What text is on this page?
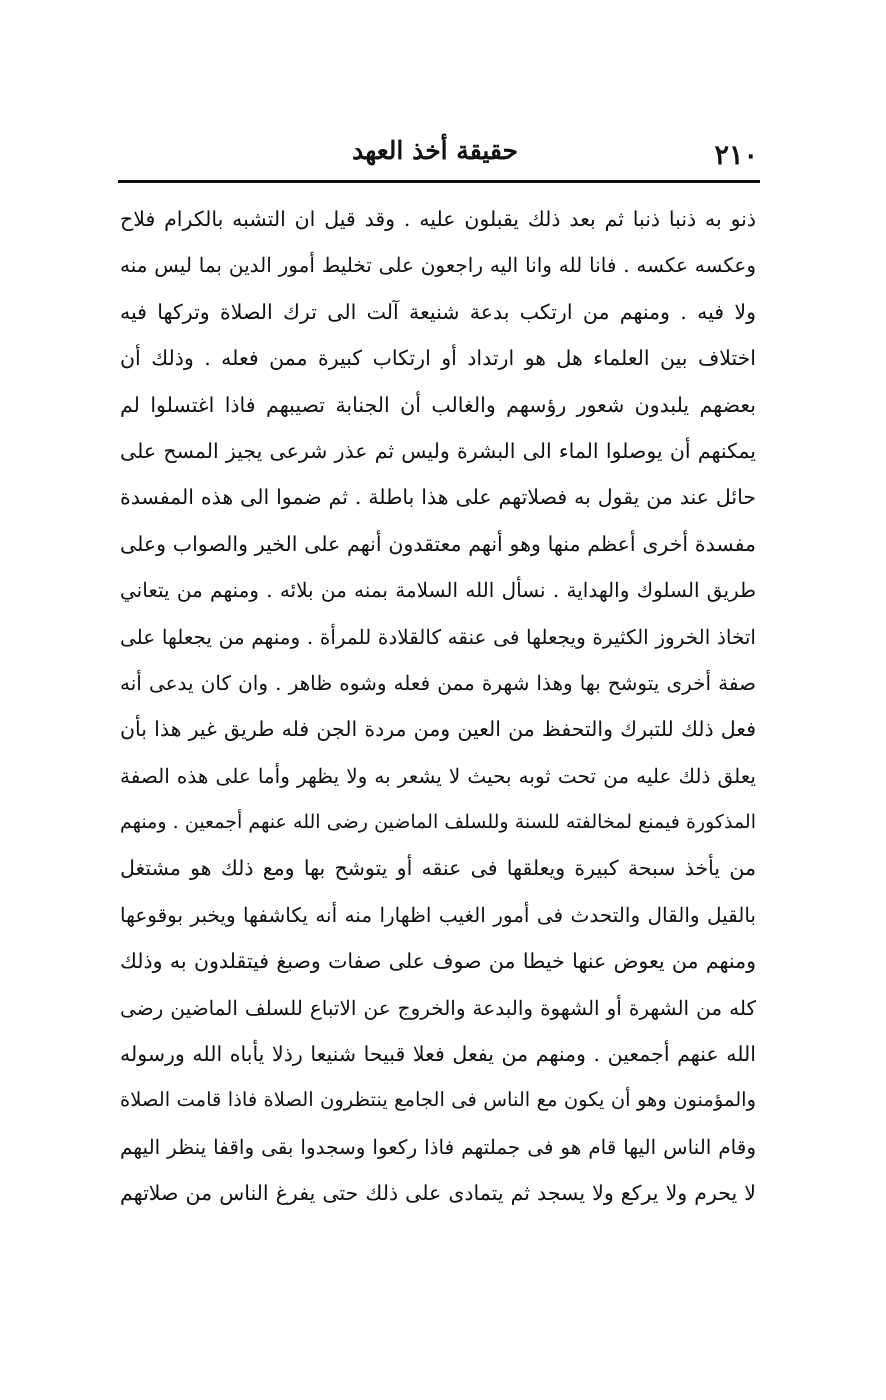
٢١٠
حقيقة أخذ العهد
ذنو به ذنبا ذنبا ثم بعد ذلك يقبلون عليه . وقد قيل ان التشبه بالكرام فلاح
وعكسه عكسه . فانا لله وانا اليه راجعون على تخليط أمور الدين بما ليس منه
ولا فيه . ومنهم من ارتكب بدعة شنيعة آلت الى ترك الصلاة وتركها فيه
اختلاف بين العلماء هل هو ارتداد أو ارتكاب كبيرة ممن فعله . وذلك أن
بعضهم يلبدون شعور رؤسهم والغالب أن الجنابة تصيبهم فاذا اغتسلوا لم
يمكنهم أن يوصلوا الماء الى البشرة وليس ثم عذر شرعى يجيز المسح على
حائل عند من يقول به فصلاتهم على هذا باطلة . ثم ضموا الى هذه المفسدة
مفسدة أخرى أعظم منها وهو أنهم معتقدون أنهم على الخير والصواب وعلى
طريق السلوك والهداية . نسأل الله السلامة بمنه من بلائه . ومنهم من يتعاني
اتخاذ الخروز الكثيرة ويجعلها فى عنقه كالقلادة للمرأة . ومنهم من يجعلها على
صفة أخرى يتوشح بها وهذا شهرة ممن فعله وشوه ظاهر . وان كان يدعى أنه
فعل ذلك للتبرك والتحفظ من العين ومن مردة الجن فله طريق غير هذا بأن
يعلق ذلك عليه من تحت ثوبه بحيث لا يشعر به ولا يظهر وأما على هذه الصفة
المذكورة فيمنع لمخالفته للسنة وللسلف الماضين رضى الله عنهم أجمعين . ومنهم
من يأخذ سبحة كبيرة ويعلقها فى عنقه أو يتوشح بها ومع ذلك هو مشتغل
بالقيل والقال والتحدث فى أمور الغيب اظهارا منه أنه يكاشفها ويخبر بوقوعها
ومنهم من يعوض عنها خيطا من صوف على صفات وصبغ فيتقلدون به وذلك
كله من الشهرة أو الشهوة والبدعة والخروج عن الاتباع للسلف الماضين رضى
الله عنهم أجمعين . ومنهم من يفعل فعلا قبيحا شنيعا رذلا يأباه الله ورسوله
والمؤمنون وهو أن يكون مع الناس فى الجامع ينتظرون الصلاة فاذا قامت الصلاة
وقام الناس اليها قام هو فى جملتهم فاذا ركعوا وسجدوا بقى واقفا ينظر اليهم
لا يحرم ولا يركع ولا يسجد ثم يتمادى على ذلك حتى يفرغ الناس من صلاتهم
